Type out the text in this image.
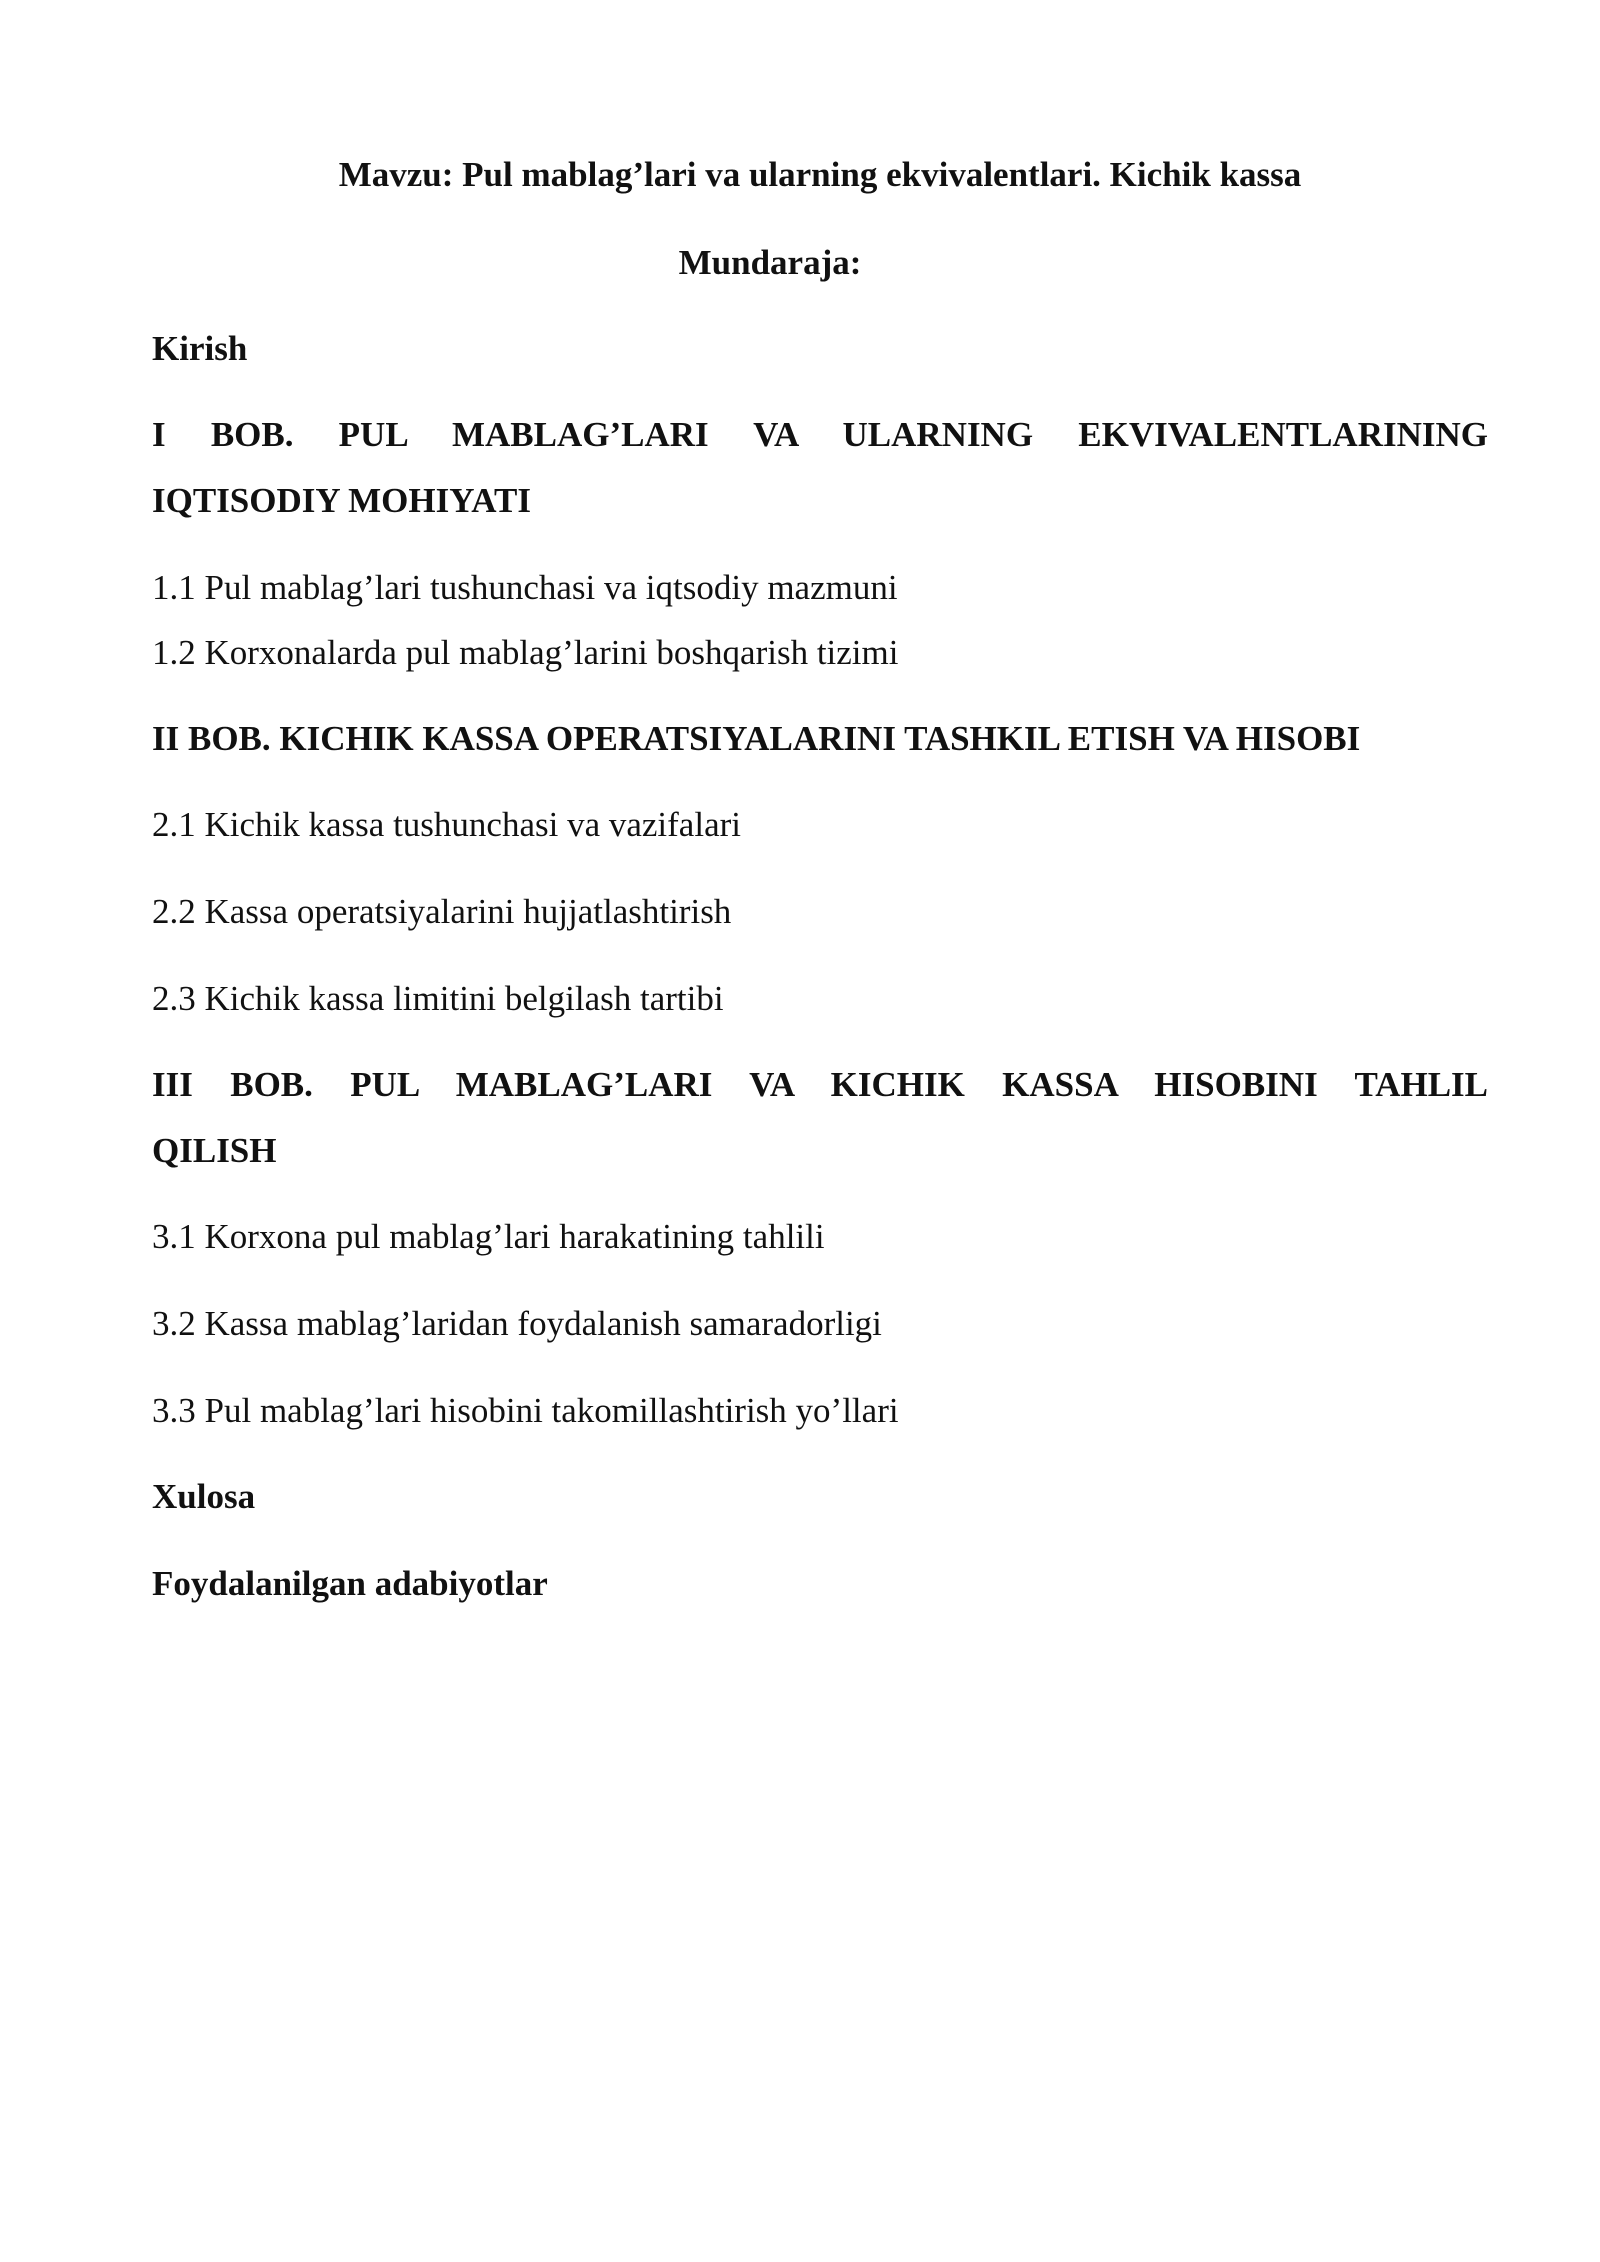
Mavzu: Pul mablag’lari va ularning ekvivalentlari. Kichik kassa

Mundaraja:

Kirish

I BOB. PUL MABLAG’LARI VA ULARNING EKVIVALENTLARINING

IQTISODIY MOHIYATI

1.1 Pul mablag’lari tushunchasi va iqtsodiy mazmuni

1.2 Korxonalarda pul mablag’larini boshqarish tizimi

II BOB. KICHIK KASSA OPERATSIYALARINI TASHKIL ETISH VA HISOBI

2.1 Kichik kassa tushunchasi va vazifalari

2.2 Kassa operatsiyalarini hujjatlashtirish

2.3 Kichik kassa limitini belgilash tartibi

III BOB. PUL MABLAG’LARI VA KICHIK KASSA HISOBINI TAHLIL

QILISH

3.1 Korxona pul mablag’lari harakatining tahlili

3.2 Kassa mablag’laridan foydalanish samaradorligi

3.3 Pul mablag’lari hisobini takomillashtirish yo’llari

Xulosa

Foydalanilgan adabiyotlar
